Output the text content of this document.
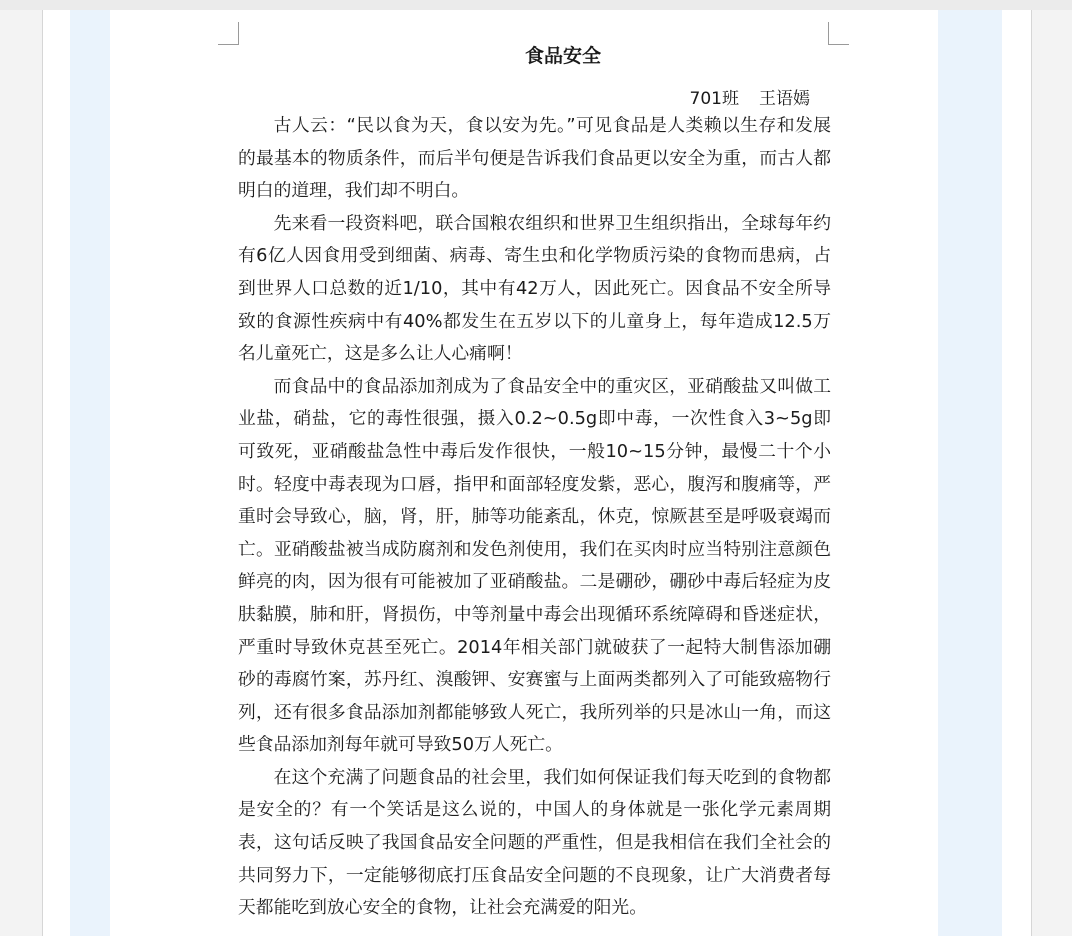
食品安全
701班 王语嫣

古人云：“民以食为天，食以安为先。”可见食品是人类赖以生存和发展的最基本的物质条件，而后半句便是告诉我们食品更以安全为重，而古人都明白的道理，我们却不明白。

先来看一段资料吧，联合国粮农组织和世界卫生组织指出，全球每年约有6亿人因食用受到细菌、病毒、寄生虫和化学物质污染的食物而患病，占到世界人口总数的近1/10，其中有42万人，因此死亡。因食品不安全所导致的食源性疾病中有40%都发生在五岁以下的儿童身上，每年造成12.5万名儿童死亡，这是多么让人心痛啊！

而食品中的食品添加剂成为了食品安全中的重灾区，亚硝酸盐又叫做工业盐，硝盐，它的毒性很强，摄入0.2~0.5g即中毒，一次性食入3~5g即可致死，亚硝酸盐急性中毒后发作很快，一般10~15分钟，最慢二十个小时。轻度中毒表现为口唇，指甲和面部轻度发紫，恶心，腹泻和腹痛等，严重时会导致心，脑，肾，肝，肺等功能紊乱，休克，惊厥甚至是呼吸衰竭而亡。亚硝酸盐被当成防腐剂和发色剂使用，我们在买肉时应当特别注意颜色鲜亮的肉，因为很有可能被加了亚硝酸盐。二是硼砂，硼砂中毒后轻症为皮肤黏膜，肺和肝，肾损伤，中等剂量中毒会出现循环系统障碍和昏迷症状，严重时导致休克甚至死亡。2014年相关部门就破获了一起特大制售添加硼砂的毒腐竹案，苏丹红、溴酸钾、安赛蜜与上面两类都列入了可能致癌物行列，还有很多食品添加剂都能够致人死亡，我所列举的只是冰山一角，而这些食品添加剂每年就可导致50万人死亡。

在这个充满了问题食品的社会里，我们如何保证我们每天吃到的食物都是安全的？有一个笑话是这么说的，中国人的身体就是一张化学元素周期表，这句话反映了我国食品安全问题的严重性，但是我相信在我们全社会的共同努力下，一定能够彻底打压食品安全问题的不良现象，让广大消费者每天都能吃到放心安全的食物，让社会充满爱的阳光。
